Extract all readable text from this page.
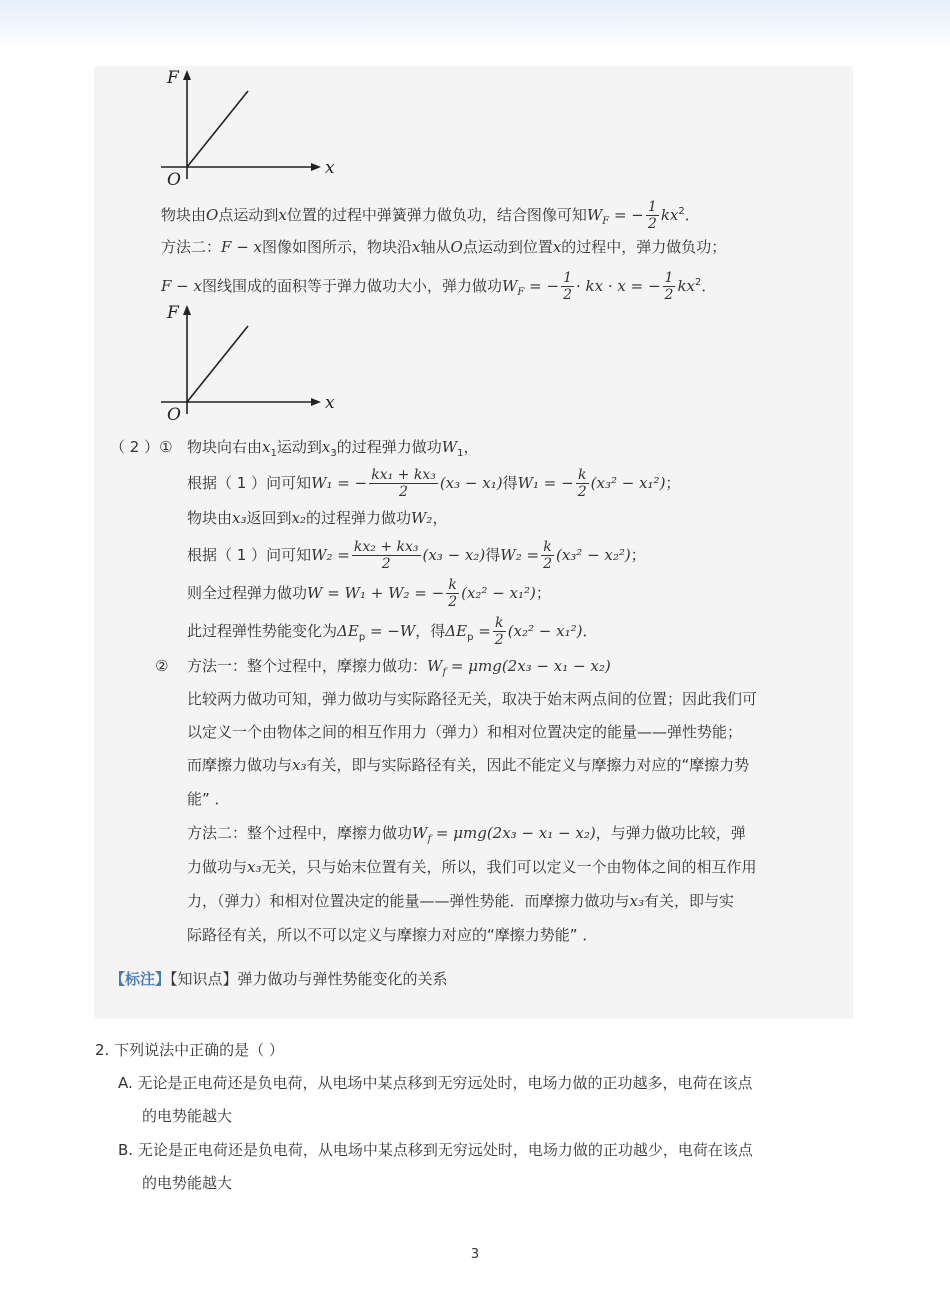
F
x
O
物块由O点运动到x位置的过程中弹簧弹力做负功，结合图像可知$W_F$ = − $\frac{1}{2} kx^2$．
方法二：F − x图像如图所示，物块沿x轴从O点运动到位置x的过程中，弹力做负功；
F − x图线围成的面积等于弹力做功大小，弹力做功$W_F$ = − $\frac{1}{2}$ · kx · x = − $\frac{1}{2} kx^2$．
F
x
O
（ 2 ）① 物块向右由$x_1$运动到$x_3$的过程弹力做功$W_1$，
根据（ 1 ）问可知W₁ = − $\frac{\text{kx₁ + kx₃}}{2} (x_3 - x_1)$得W₁ = − $\frac{k}{2} (x_3^2 - x_1^2)$；
物块由x₃返回到x₂的过程弹力做功W₂，
根据（ 1 ）问可知$W_2 = \frac{\text{kx₂ + kx₃}}{2} (x_3 - x_2)$得$W_2 = \frac{k}{2} (x_3^2 - x_2^2)$；
则全过程弹力做功W = W₁ + W₂ = − $\frac{k}{2} (x_2^2 - x_1^2)$；
此过程弹性势能变化为$\Delta E_p = -W$，得$\Delta E_p = \frac{k}{2} (x_2^2 - x_1^2)$．
② 方法一：整个过程中，摩擦力做功：$W_f = \mu mg(2x_3 - x_1 - x_2)$
比较两力做功可知，弹力做功与实际路径无关，取决于始末两点间的位置；因此我们可
以定义一个由物体之间的相互作用力（弹力）和相对位置决定的能量——弹性势能；
而摩擦力做功与x₃有关，即与实际路径有关，因此不能定义与摩擦力对应的“摩擦力势
能” ．
方法二：整个过程中，摩擦力做功$W_f = \mu mg(2x_3 - x_1 - x_2)$，与弹力做功比较，弹
力做功与x₃无关，只与始末位置有关，所以，我们可以定义一个由物体之间的相互作用
力，（弹力）和相对位置决定的能量——弹性势能．而摩擦力做功与x₃有关，即与实
际路径有关，所以不可以定义与摩擦力对应的“摩擦力势能” ．
【标注】【知识点】弹力做功与弹性势能变化的关系
2. 下列说法中正确的是（ ）
A. 无论是正电荷还是负电荷，从电场中某点移到无穷远处时，电场力做的正功越多，电荷在该点
的电势能越大
B. 无论是正电荷还是负电荷，从电场中某点移到无穷远处时，电场力做的正功越少，电荷在该点
的电势能越大
3
